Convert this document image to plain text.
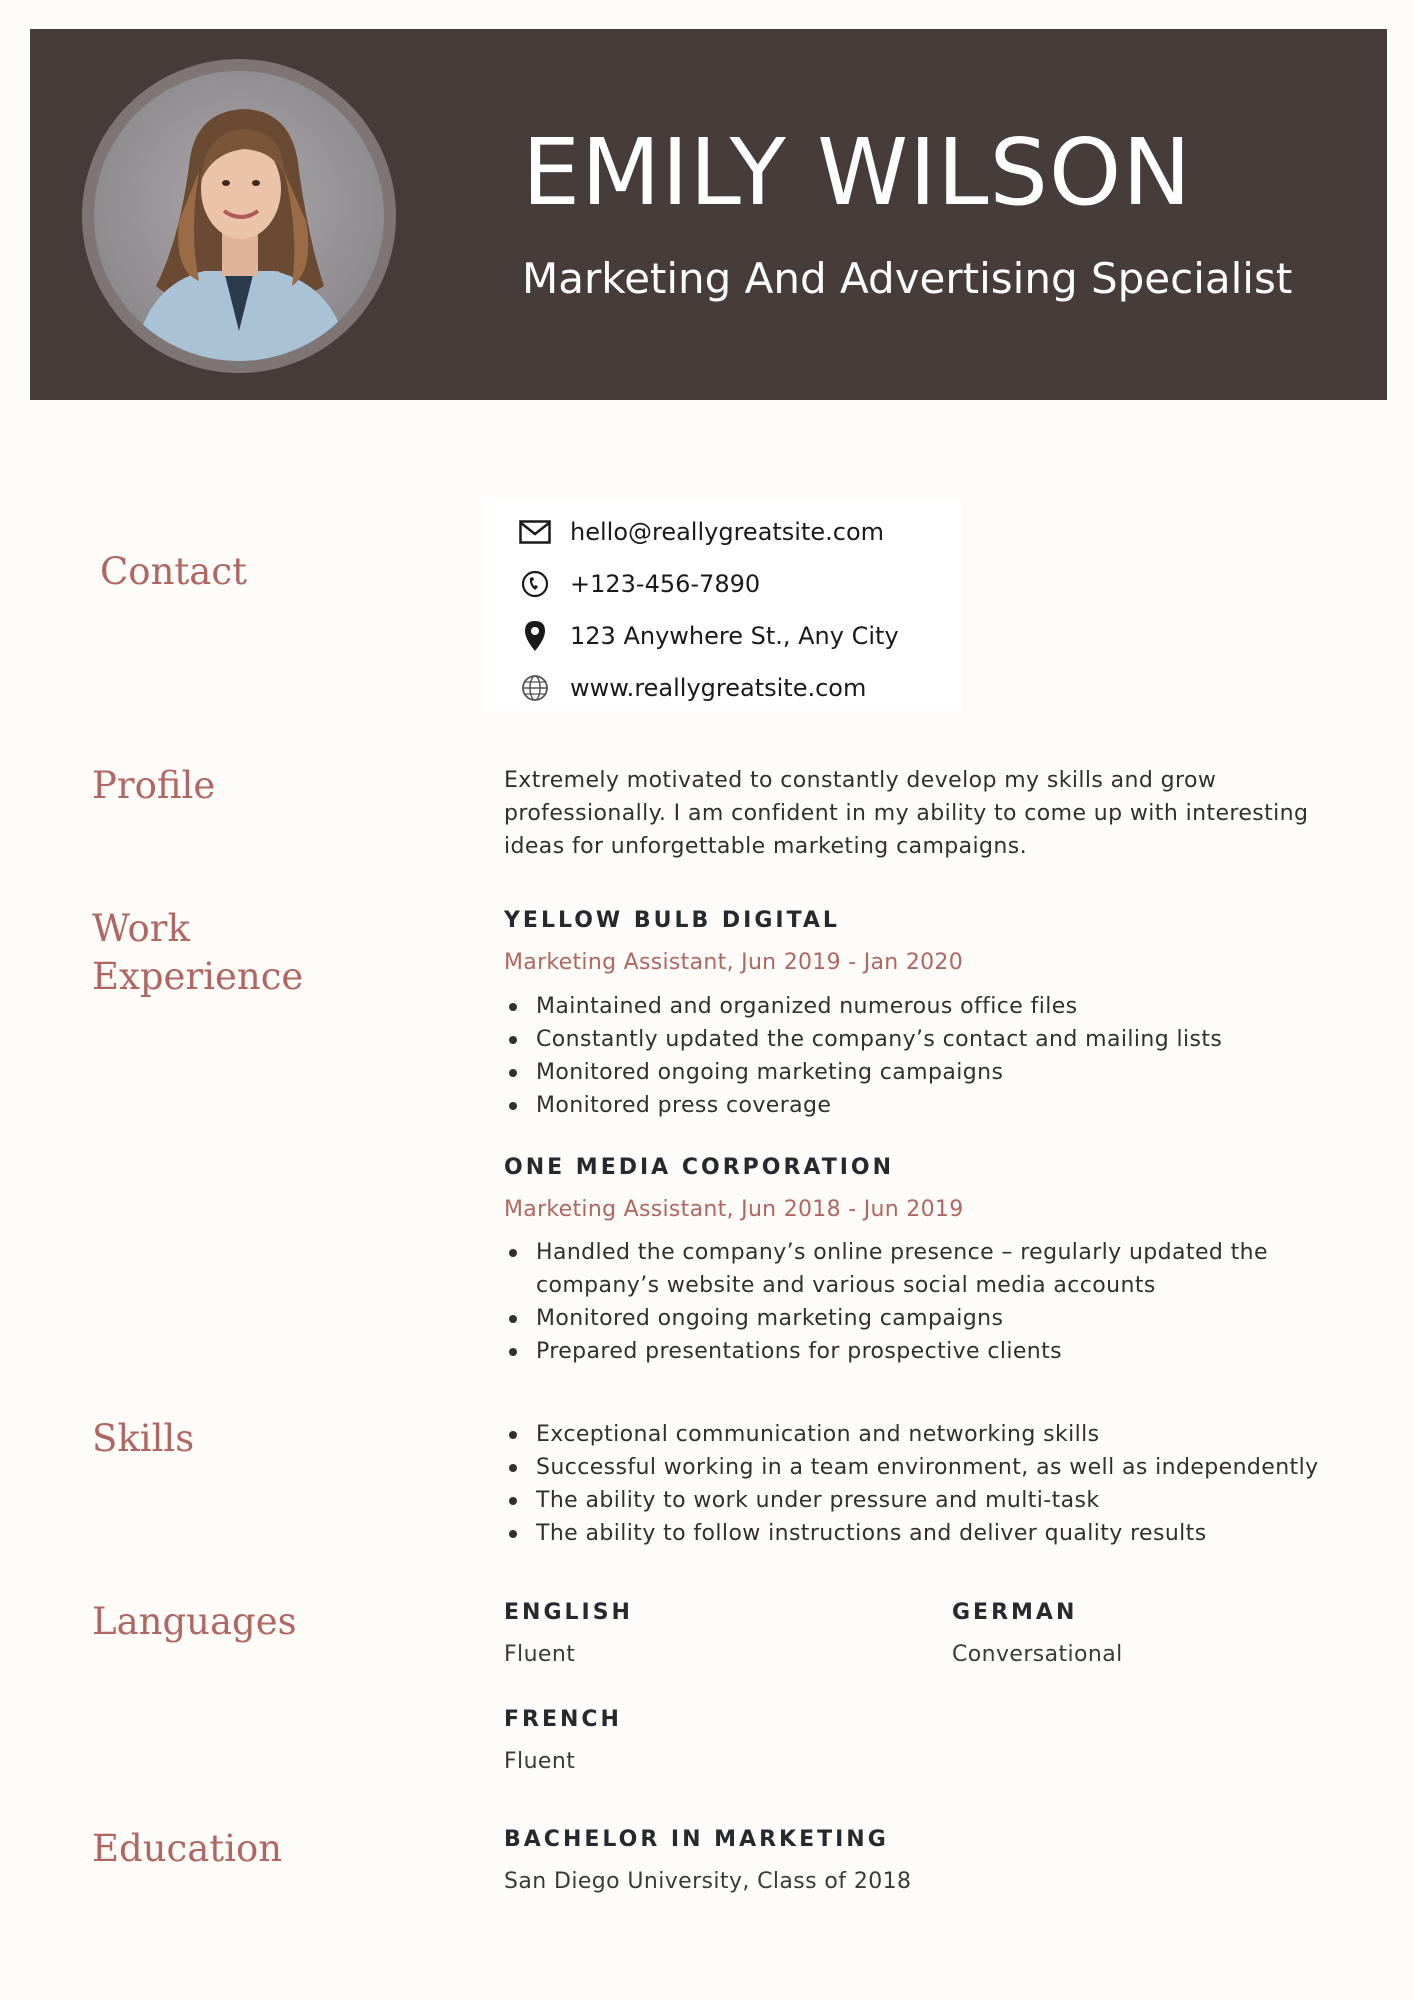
EMILY WILSON
Marketing And Advertising Specialist
Contact
hello@reallygreatsite.com
+123-456-7890
123 Anywhere St., Any City
www.reallygreatsite.com
Profile	Extremely motivated to constantly develop my skills and grow professionally. I am confident in my ability to come up with interesting ideas for unforgettable marketing campaigns.
Work Experience
YELLOW BULB DIGITAL
Marketing Assistant, Jun 2019 - Jan 2020
Maintained and organized numerous office files
Constantly updated the company’s contact and mailing lists
Monitored ongoing marketing campaigns
Monitored press coverage
ONE MEDIA CORPORATION
Marketing Assistant, Jun 2018 - Jun 2019
Handled the company’s online presence – regularly updated the company’s website and various social media accounts
Monitored ongoing marketing campaigns
Prepared presentations for prospective clients
Skills	Exceptional communication and networking skills
Successful working in a team environment, as well as independently
The ability to work under pressure and multi-task
The ability to follow instructions and deliver quality results
Languages	ENGLISH
Fluent
GERMAN
Conversational
FRENCH
Fluent
Education	BACHELOR IN MARKETING
San Diego University, Class of 2018
